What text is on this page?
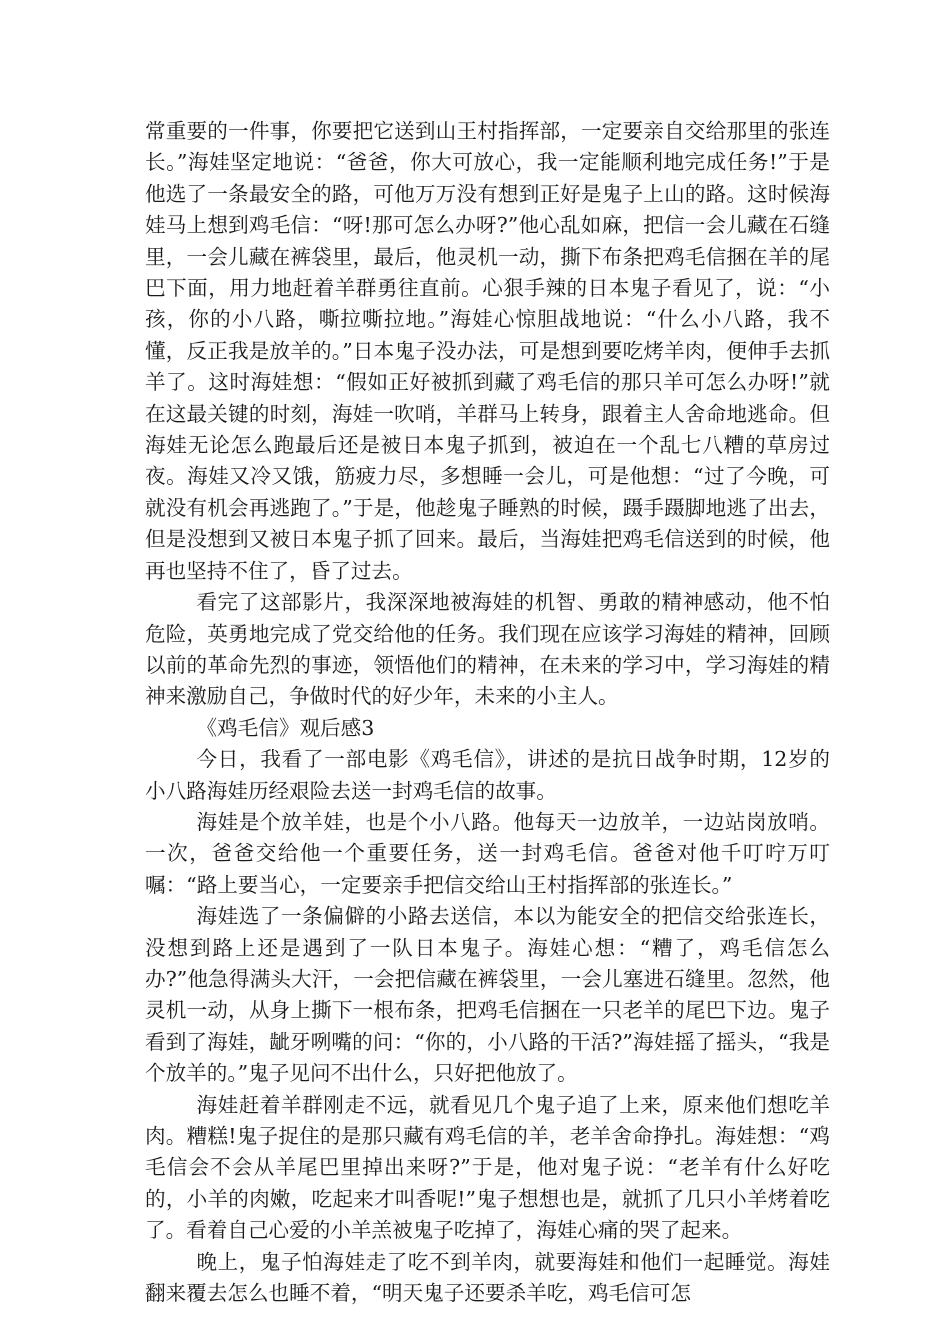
常重要的一件事，你要把它送到山王村指挥部，一定要亲自交给那里的张连长。”海娃坚定地说：“爸爸，你大可放心，我一定能顺利地完成任务!”于是他选了一条最安全的路，可他万万没有想到正好是鬼子上山的路。这时候海娃马上想到鸡毛信：“呀!那可怎么办呀?”他心乱如麻，把信一会儿藏在石缝里，一会儿藏在裤袋里，最后，他灵机一动，撕下布条把鸡毛信捆在羊的尾巴下面，用力地赶着羊群勇往直前。心狠手辣的日本鬼子看见了，说：“小孩，你的小八路，嘶拉嘶拉地。”海娃心惊胆战地说：“什么小八路，我不懂，反正我是放羊的。”日本鬼子没办法，可是想到要吃烤羊肉，便伸手去抓羊了。这时海娃想：“假如正好被抓到藏了鸡毛信的那只羊可怎么办呀!”就在这最关键的时刻，海娃一吹哨，羊群马上转身，跟着主人舍命地逃命。但海娃无论怎么跑最后还是被日本鬼子抓到，被迫在一个乱七八糟的草房过夜。海娃又冷又饿，筋疲力尽，多想睡一会儿，可是他想：“过了今晚，可就没有机会再逃跑了。”于是，他趁鬼子睡熟的时候，蹑手蹑脚地逃了出去，但是没想到又被日本鬼子抓了回来。最后，当海娃把鸡毛信送到的时候，他再也坚持不住了，昏了过去。

看完了这部影片，我深深地被海娃的机智、勇敢的精神感动，他不怕危险，英勇地完成了党交给他的任务。我们现在应该学习海娃的精神，回顾以前的革命先烈的事迹，领悟他们的精神，在未来的学习中，学习海娃的精神来激励自己，争做时代的好少年，未来的小主人。

《鸡毛信》观后感3

今日，我看了一部电影《鸡毛信》，讲述的是抗日战争时期，12岁的小八路海娃历经艰险去送一封鸡毛信的故事。

海娃是个放羊娃，也是个小八路。他每天一边放羊，一边站岗放哨。一次，爸爸交给他一个重要任务，送一封鸡毛信。爸爸对他千叮咛万叮嘱：“路上要当心，一定要亲手把信交给山王村指挥部的张连长。”

海娃选了一条偏僻的小路去送信，本以为能安全的把信交给张连长，没想到路上还是遇到了一队日本鬼子。海娃心想：“糟了，鸡毛信怎么办?”他急得满头大汗，一会把信藏在裤袋里，一会儿塞进石缝里。忽然，他灵机一动，从身上撕下一根布条，把鸡毛信捆在一只老羊的尾巴下边。鬼子看到了海娃，龇牙咧嘴的问：“你的，小八路的干活?”海娃摇了摇头，“我是个放羊的。”鬼子见问不出什么，只好把他放了。

海娃赶着羊群刚走不远，就看见几个鬼子追了上来，原来他们想吃羊肉。糟糕!鬼子捉住的是那只藏有鸡毛信的羊，老羊舍命挣扎。海娃想：“鸡毛信会不会从羊尾巴里掉出来呀?”于是，他对鬼子说：“老羊有什么好吃的，小羊的肉嫩，吃起来才叫香呢!”鬼子想想也是，就抓了几只小羊烤着吃了。看着自己心爱的小羊羔被鬼子吃掉了，海娃心痛的哭了起来。

晚上，鬼子怕海娃走了吃不到羊肉，就要海娃和他们一起睡觉。海娃翻来覆去怎么也睡不着，“明天鬼子还要杀羊吃，鸡毛信可怎
